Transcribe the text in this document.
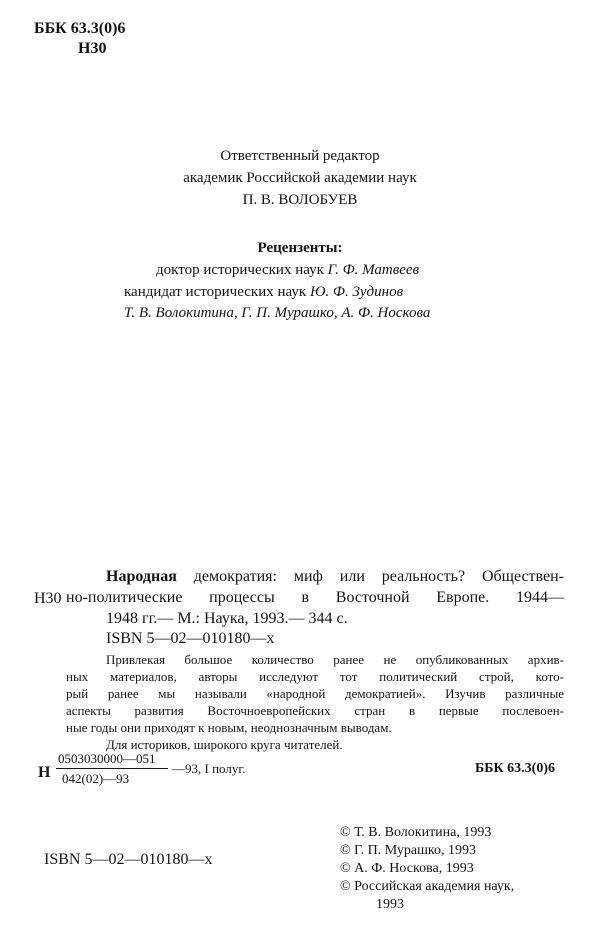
ББК 63.3(0)6
Н30
Ответственный редактор
академик Российской академии наук
П. В. ВОЛОБУЕВ
Рецензенты:
доктор исторических наук Г. Ф. Матвеев
кандидат исторических наук Ю. Ф. Зудинов
Т. В. Волокитина, Г. П. Мурашко, А. Ф. Носкова
Н30
Народная демократия: миф или реальность? Обществен-
но-политические процессы в Восточной Европе. 1944—
1948 гг.— М.: Наука, 1993.— 344 с.
ISBN 5—02—010180—x
Привлекая большое количество ранее не опубликованных архив-
ных материалов, авторы исследуют тот политический строй, кото-
рый ранее мы называли «народной демократией». Изучив различные
аспекты развития Восточноевропейских стран в первые послевоен-
ные годы они приходят к новым, неоднозначным выводам.
Для историков, широкого круга читателей.
Н
0503030000—051
042(02)—93
—93, I полуг.	ББК 63.3(0)6
ISBN 5—02—010180—x
© Т. В. Волокитина, 1993
© Г. П. Мурашко, 1993
© А. Ф. Носкова, 1993
© Российская академия наук,
1993
